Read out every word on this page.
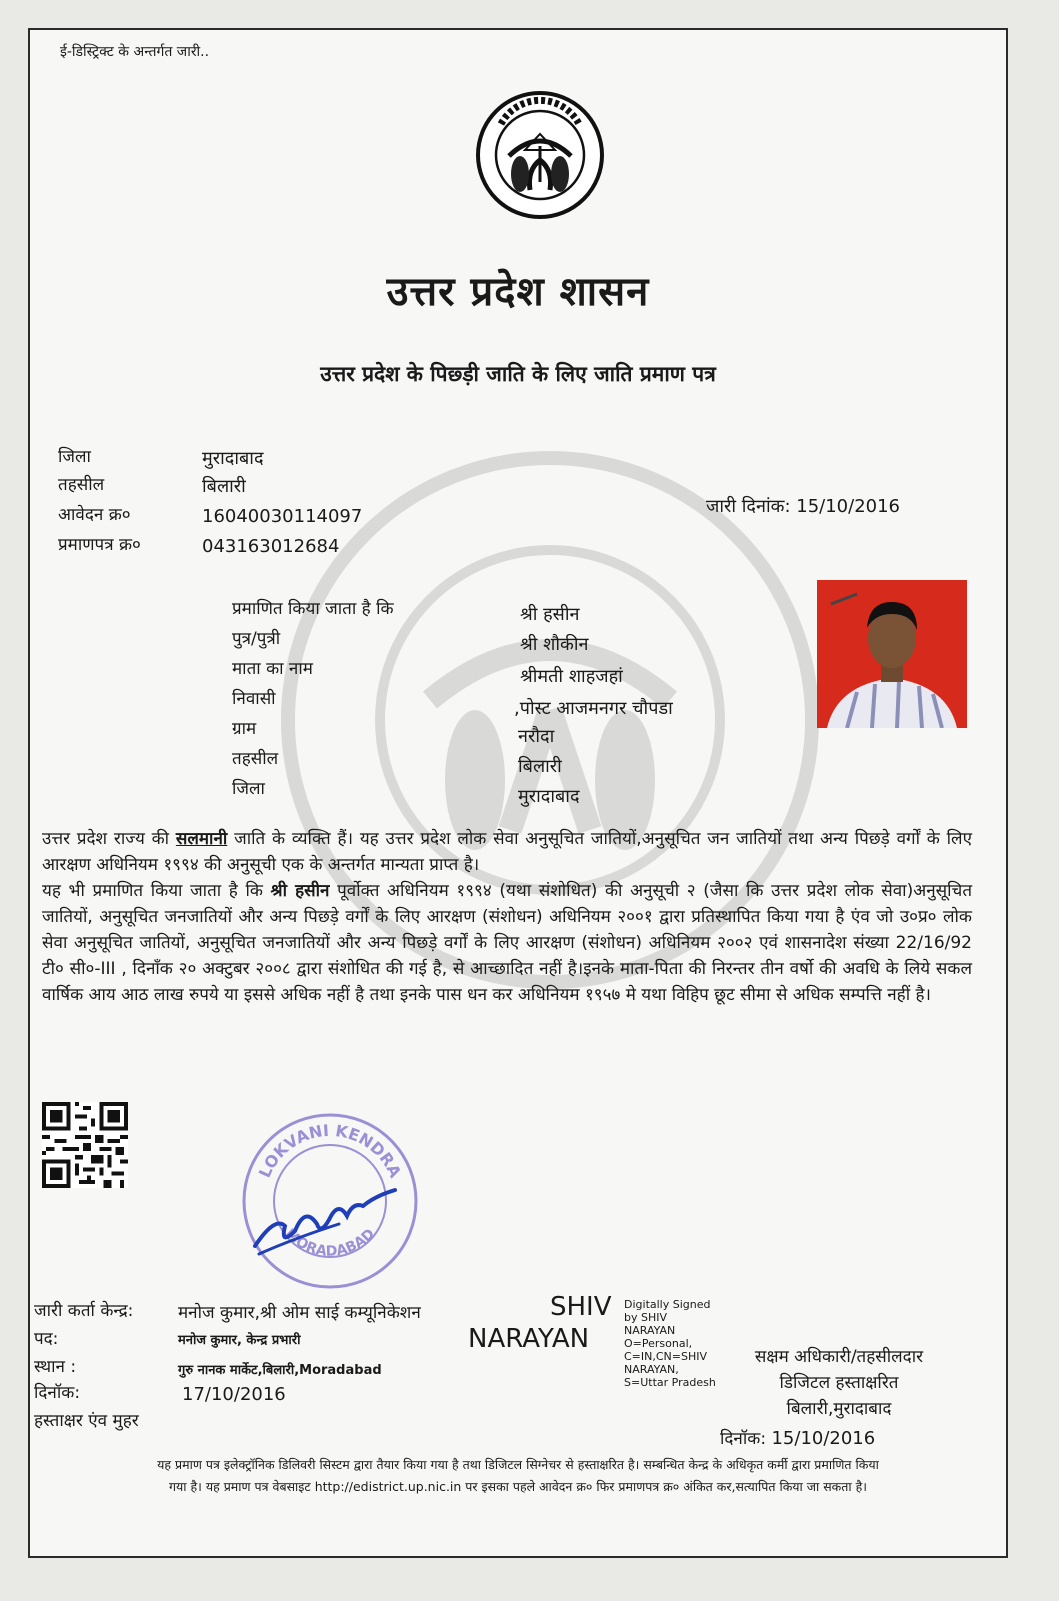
ई-डिस्ट्रिक्ट के अन्तर्गत जारी..
उत्तर प्रदेश शासन
उत्तर प्रदेश के पिछ्ड़ी जाति के लिए जाति प्रमाण पत्र
जिला	मुरादाबाद
तहसील	बिलारी
आवेदन क्र०	16040030114097
प्रमाणपत्र क्र०	043163012684
जारी दिनांक: 15/10/2016
प्रमाणित किया जाता है कि	श्री हसीन
पुत्र/पुत्री	श्री शौकीन
माता का नाम	श्रीमती शाहजहां
निवासी	,पोस्ट आजमनगर चौपडा
ग्राम	नरौदा
तहसील	बिलारी
जिला	मुरादाबाद
उत्तर प्रदेश राज्य की सलमानी जाति के व्यक्ति हैं। यह उत्तर प्रदेश लोक सेवा अनुसूचित जातियों,अनुसूचित जन जातियों तथा अन्य पिछड़े वर्गों के लिए आरक्षण अधिनियम १९९४ की अनुसूची एक के अन्तर्गत मान्यता प्राप्त है।
यह भी प्रमाणित किया जाता है कि श्री हसीन पूर्वोक्त अधिनियम १९९४ (यथा संशोधित) की अनुसूची २ (जैसा कि उत्तर प्रदेश लोक सेवा)अनुसूचित जातियों, अनुसूचित जनजातियों और अन्य पिछड़े वर्गों के लिए आरक्षण (संशोधन) अधिनियम २००१ द्वारा प्रतिस्थापित किया गया है एंव जो उ०प्र० लोक सेवा अनुसूचित जातियों, अनुसूचित जनजातियों और अन्य पिछड़े वर्गों के लिए आरक्षण (संशोधन) अधिनियम २००२ एवं शासनादेश संख्या 22/16/92 टी० सी०-III , दिनाँक २० अक्टुबर २००८ द्वारा संशोधित की गई है, से आच्छादित नहीं है।इनके माता-पिता की निरन्तर तीन वर्षो की अवधि के लिये सकल वार्षिक आय आठ लाख रुपये या इससे अधिक नहीं है तथा इनके पास धन कर अधिनियम १९५७ मे यथा विहिप छूट सीमा से अधिक सम्पत्ति नहीं है।
LOKVANI KENDRA
MORADABAD
जारी कर्ता केन्द्र:	मनोज कुमार,श्री ओम साई कम्यूनिकेशन
पद:	मनोज कुमार, केन्द्र प्रभारी
स्थान :	गुरु नानक मार्केट,बिलारी,Moradabad
दिनॉक:	17/10/2016
हस्ताक्षर एंव मुहर
SHIV
NARAYAN
Digitally Signed
by SHIV
NARAYAN
O=Personal,
C=IN,CN=SHIV
NARAYAN,
S=Uttar Pradesh
सक्षम अधिकारी/तहसीलदार
डिजिटल हस्ताक्षरित
बिलारी,मुरादाबाद
दिनॉक: 15/10/2016
यह प्रमाण पत्र इलेक्ट्रॉनिक डिलिवरी सिस्टम द्वारा तैयार किया गया है तथा डिजिटल सिग्नेचर से हस्ताक्षरित है। सम्बन्धित केन्द्र के अधिकृत कर्मी द्वारा प्रमाणित किया
गया है। यह प्रमाण पत्र वेबसाइट http://edistrict.up.nic.in पर इसका पहले आवेदन क्र० फिर प्रमाणपत्र क्र० अंकित कर,सत्यापित किया जा सकता है।
